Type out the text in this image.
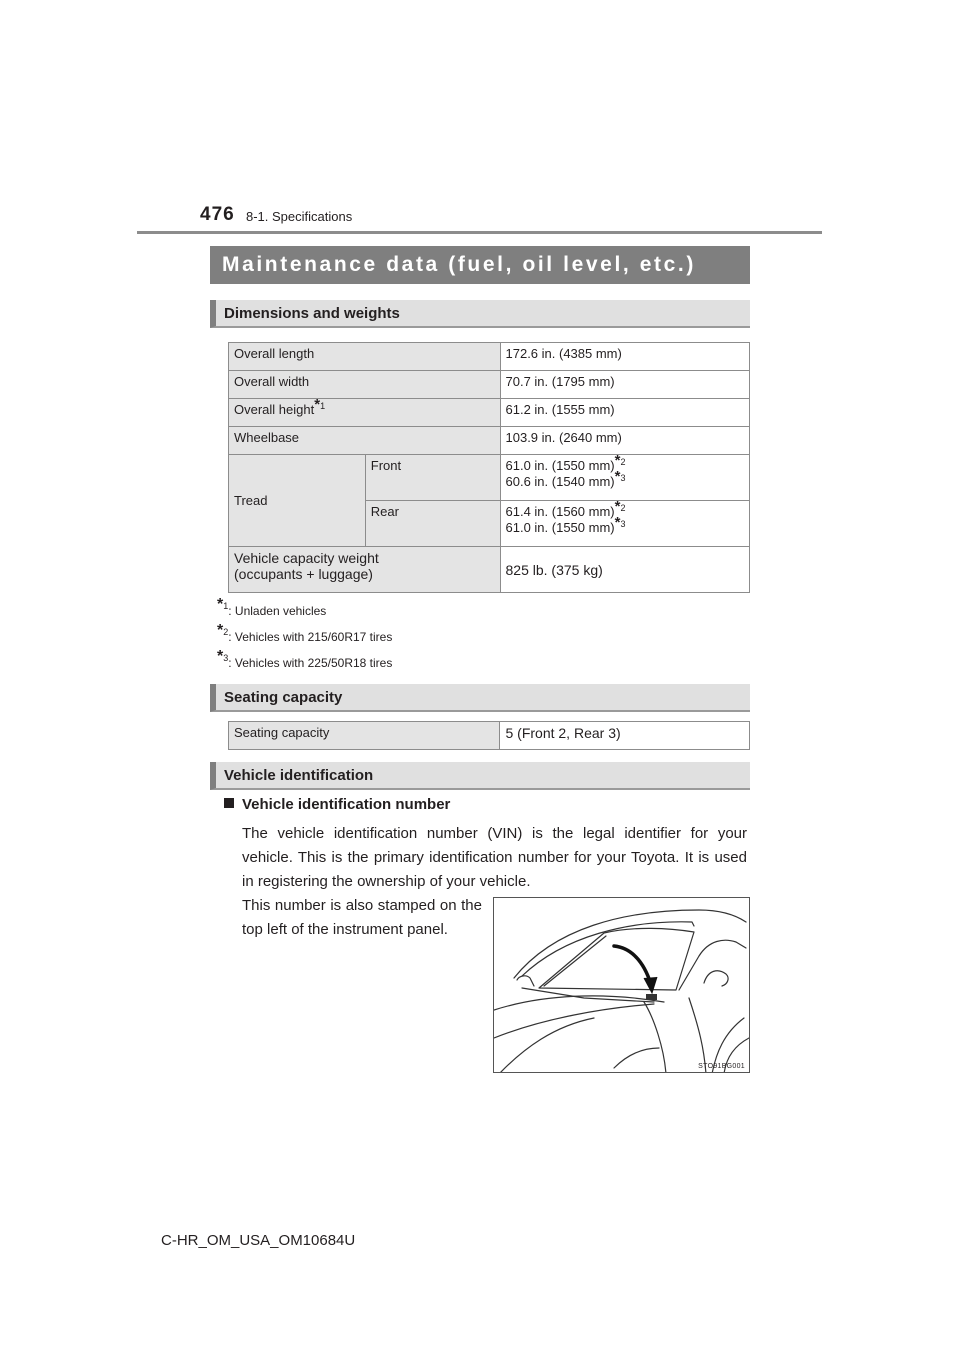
476 8-1. Specifications
Maintenance data (fuel, oil level, etc.)
Dimensions and weights
Overall length		172.6 in. (4385 mm)
Overall width		70.7 in. (1795 mm)
Overall height$^{*1}$		61.2 in. (1555 mm)
Wheelbase		103.9 in. (2640 mm)
Tread	Front	61.0 in. (1550 mm)$^{*2}$
60.6 in. (1540 mm)$^{*3}$

	Rear	61.4 in. (1560 mm)$^{*2}$
61.0 in. (1550 mm)$^{*3}$

Vehicle capacity weight
(occupants + luggage)		825 lb. (375 kg)
$^{*1}$: Unladen vehicles
$^{*2}$: Vehicles with 215/60R17 tires
$^{*3}$: Vehicles with 225/50R18 tires
Seating capacity
Seating capacity	5 (Front 2, Rear 3)
Vehicle identification
Vehicle identification number
The vehicle identification number (VIN) is the legal identifier for your vehicle. This is the primary identification number for your Toyota. It is used in registering the ownership of your vehicle.
This number is also stamped on the top left of the instrument panel.
STO91BG001
C-HR_OM_USA_OM10684U
